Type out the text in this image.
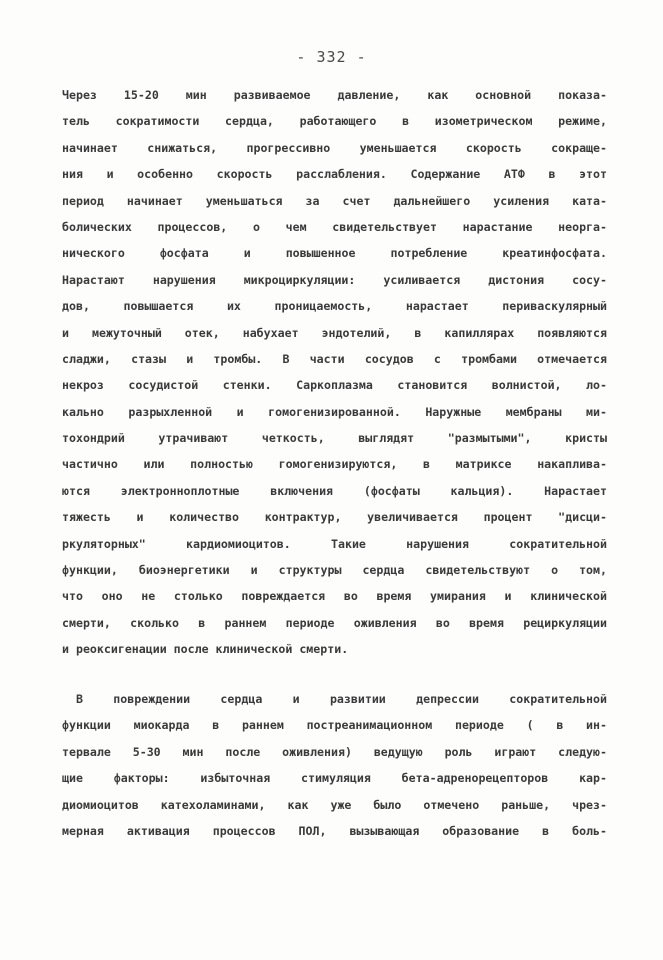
- 332 -
Через 15-20 мин развиваемое давление, как основной показа-
тель сократимости сердца, работающего в изометрическом режиме,
начинает снижаться, прогрессивно уменьшается скорость сокраще-
ния и особенно скорость расслабления. Содержание АТФ в этот
период начинает уменьшаться за счет дальнейшего усиления ката-
болических процессов, о чем свидетельствует нарастание неорга-
нического фосфата и повышенное потребление креатинфосфата.
Нарастают нарушения микроциркуляции: усиливается дистония сосу-
дов, повышается их проницаемость, нарастает периваскулярный
и межуточный отек, набухает эндотелий, в капиллярах появляются
сладжи, стазы и тромбы. В части сосудов с тромбами отмечается
некроз сосудистой стенки. Саркоплазма становится волнистой, ло-
кально разрыхленной и гомогенизированной. Наружные мембраны ми-
тохондрий утрачивают четкость, выглядят "размытыми", кристы
частично или полностью гомогенизируются, в матриксе накаплива-
ются электронноплотные включения (фосфаты кальция). Нарастает
тяжесть и количество контрактур, увеличивается процент "дисци-
ркуляторных" кардиомиоцитов. Такие нарушения сократительной
функции, биоэнергетики и структуры сердца свидетельствуют о том,
что оно не столько повреждается во время умирания и клинической
смерти, сколько в раннем периоде оживления во время рециркуляции
и реоксигенации после клинической смерти.
В повреждении сердца и развитии депрессии сократительной
функции миокарда в раннем постреанимационном периоде ( в ин-
тервале 5-30 мин после оживления) ведущую роль играют следую-
щие факторы: избыточная стимуляция бета-адренорецепторов кар-
диомиоцитов катехоламинами, как уже было отмечено раньше, чрез-
мерная активация процессов ПОЛ, вызывающая образование в боль-
